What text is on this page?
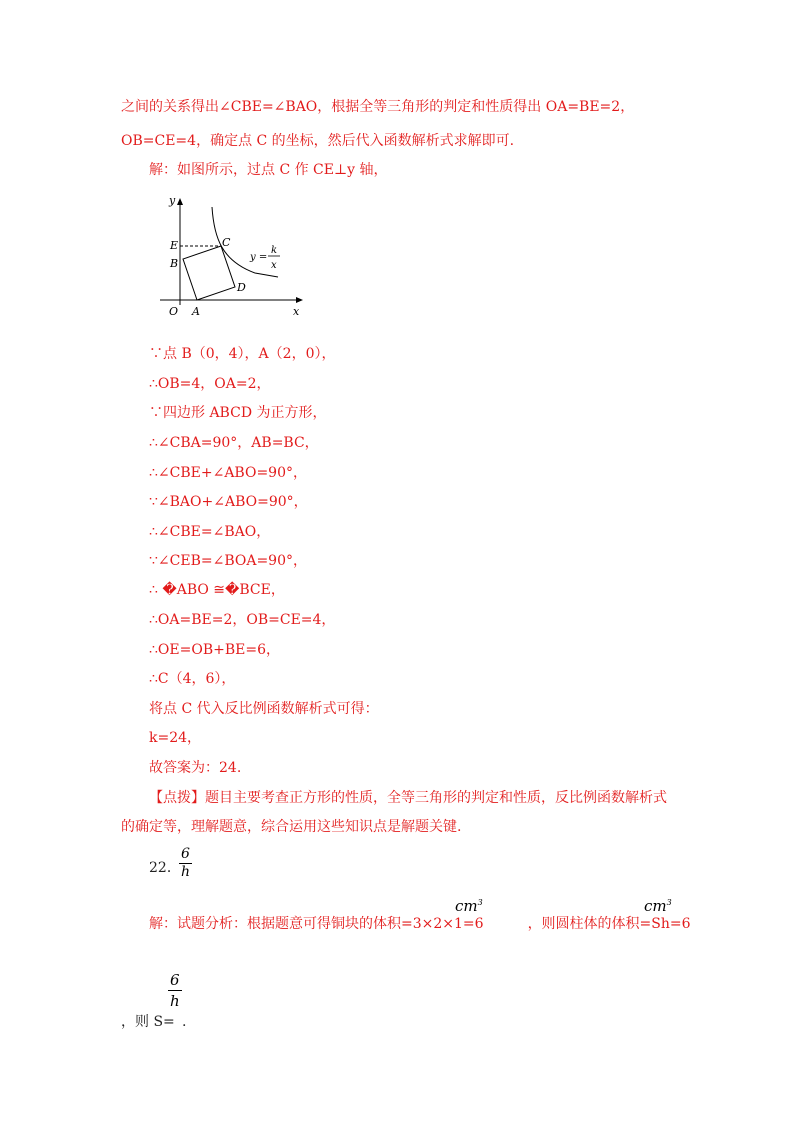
之间的关系得出∠CBE=∠BAO，根据全等三角形的判定和性质得出 OA=BE=2，
OB=CE=4，确定点 C 的坐标，然后代入函数解析式求解即可.
解：如图所示，过点 C 作 CE⊥y 轴，
y
x
O A
B
C
D
E
y =
k
x
∵点 B（0，4），A（2，0），
∴OB=4，OA=2，
∵四边形 ABCD 为正方形，
∴∠CBA=90°，AB=BC，
∴∠CBE+∠ABO=90°，
∵∠BAO+∠ABO=90°，
∴∠CBE=∠BAO，
∵∠CEB=∠BOA=90°，
∴ �ABO ≅�BCE，
∴OA=BE=2，OB=CE=4，
∴OE=OB+BE=6，
∴C（4，6），
将点 C 代入反比例函数解析式可得：
k=24，
故答案为：24.
【点拨】题目主要考查正方形的性质，全等三角形的判定和性质，反比例函数解析式
的确定等，理解题意，综合运用这些知识点是解题关键.
22．
$\frac{6}{h}$
解：试题分析：根据题意可得铜块的体积=3×2×1=6	，则圆柱体的体积=Sh=6
$cm^3$	$cm^3$
$\frac{6}{h}$
，则 S= .
